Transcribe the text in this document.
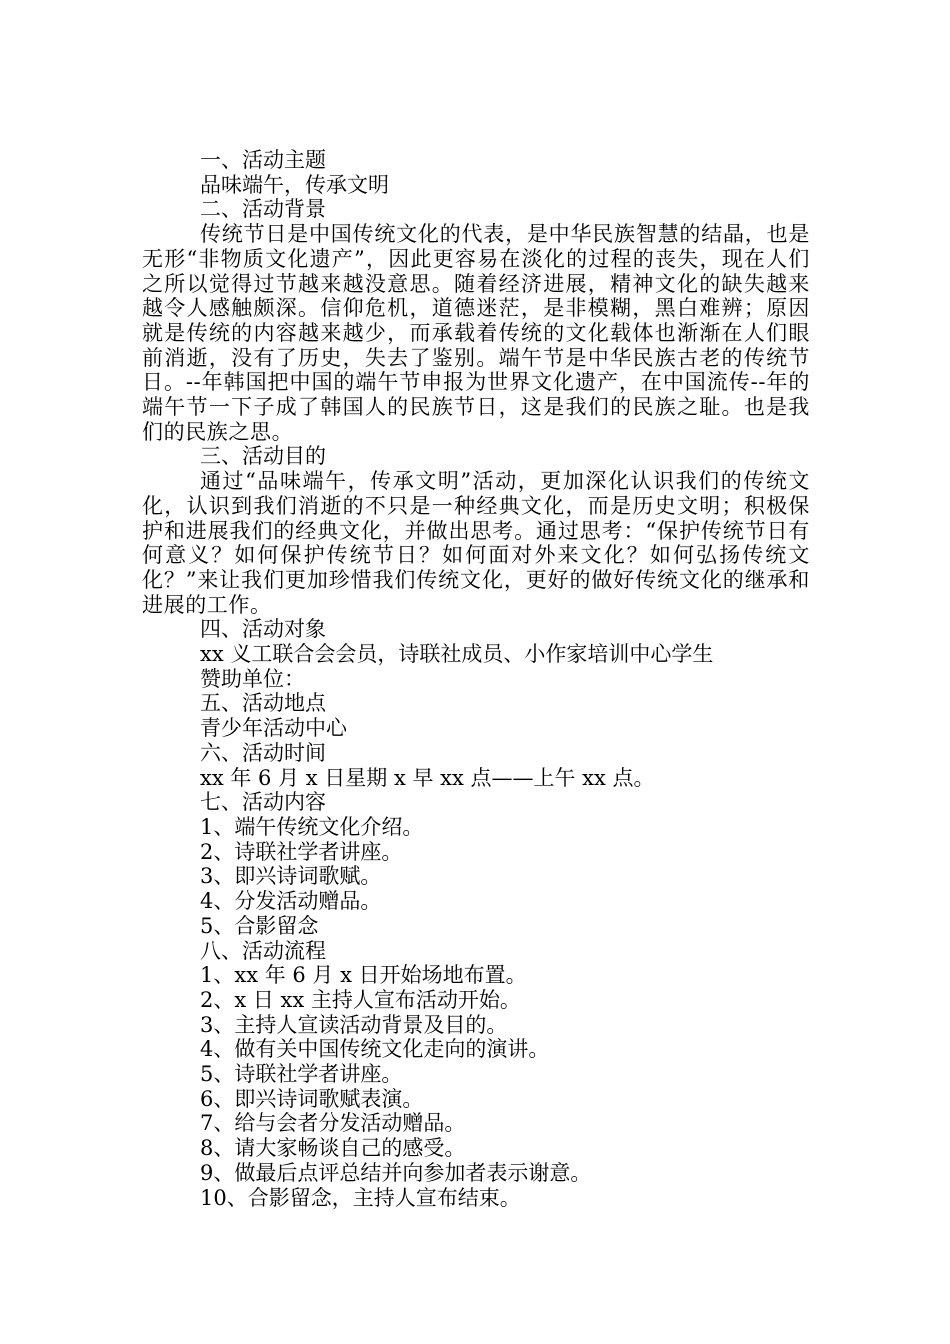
一、活动主题
品味端午，传承文明
二、活动背景
传统节日是中国传统文化的代表，是中华民族智慧的结晶，也是无形“非物质文化遗产”，因此更容易在淡化的过程的丧失，现在人们之所以觉得过节越来越没意思。随着经济进展，精神文化的缺失越来越令人感触颇深。信仰危机，道德迷茫，是非模糊，黑白难辨；原因就是传统的内容越来越少，而承载着传统的文化载体也渐渐在人们眼前消逝，没有了历史，失去了鉴别。端午节是中华民族古老的传统节日。--年韩国把中国的端午节申报为世界文化遗产，在中国流传--年的端午节一下子成了韩国人的民族节日，这是我们的民族之耻。也是我们的民族之思。
三、活动目的
通过“品味端午，传承文明”活动，更加深化认识我们的传统文化，认识到我们消逝的不只是一种经典文化，而是历史文明；积极保护和进展我们的经典文化，并做出思考。通过思考：“保护传统节日有何意义？如何保护传统节日？如何面对外来文化？如何弘扬传统文化？”来让我们更加珍惜我们传统文化，更好的做好传统文化的继承和进展的工作。
四、活动对象
xx 义工联合会会员，诗联社成员、小作家培训中心学生
赞助单位：
五、活动地点
青少年活动中心
六、活动时间
xx 年 6 月 x 日星期 x 早 xx 点——上午 xx 点。
七、活动内容
1、端午传统文化介绍。
2、诗联社学者讲座。
3、即兴诗词歌赋。
4、分发活动赠品。
5、合影留念
八、活动流程
1、xx 年 6 月 x 日开始场地布置。
2、x 日 xx 主持人宣布活动开始。
3、主持人宣读活动背景及目的。
4、做有关中国传统文化走向的演讲。
5、诗联社学者讲座。
6、即兴诗词歌赋表演。
7、给与会者分发活动赠品。
8、请大家畅谈自己的感受。
9、做最后点评总结并向参加者表示谢意。
10、合影留念，主持人宣布结束。
